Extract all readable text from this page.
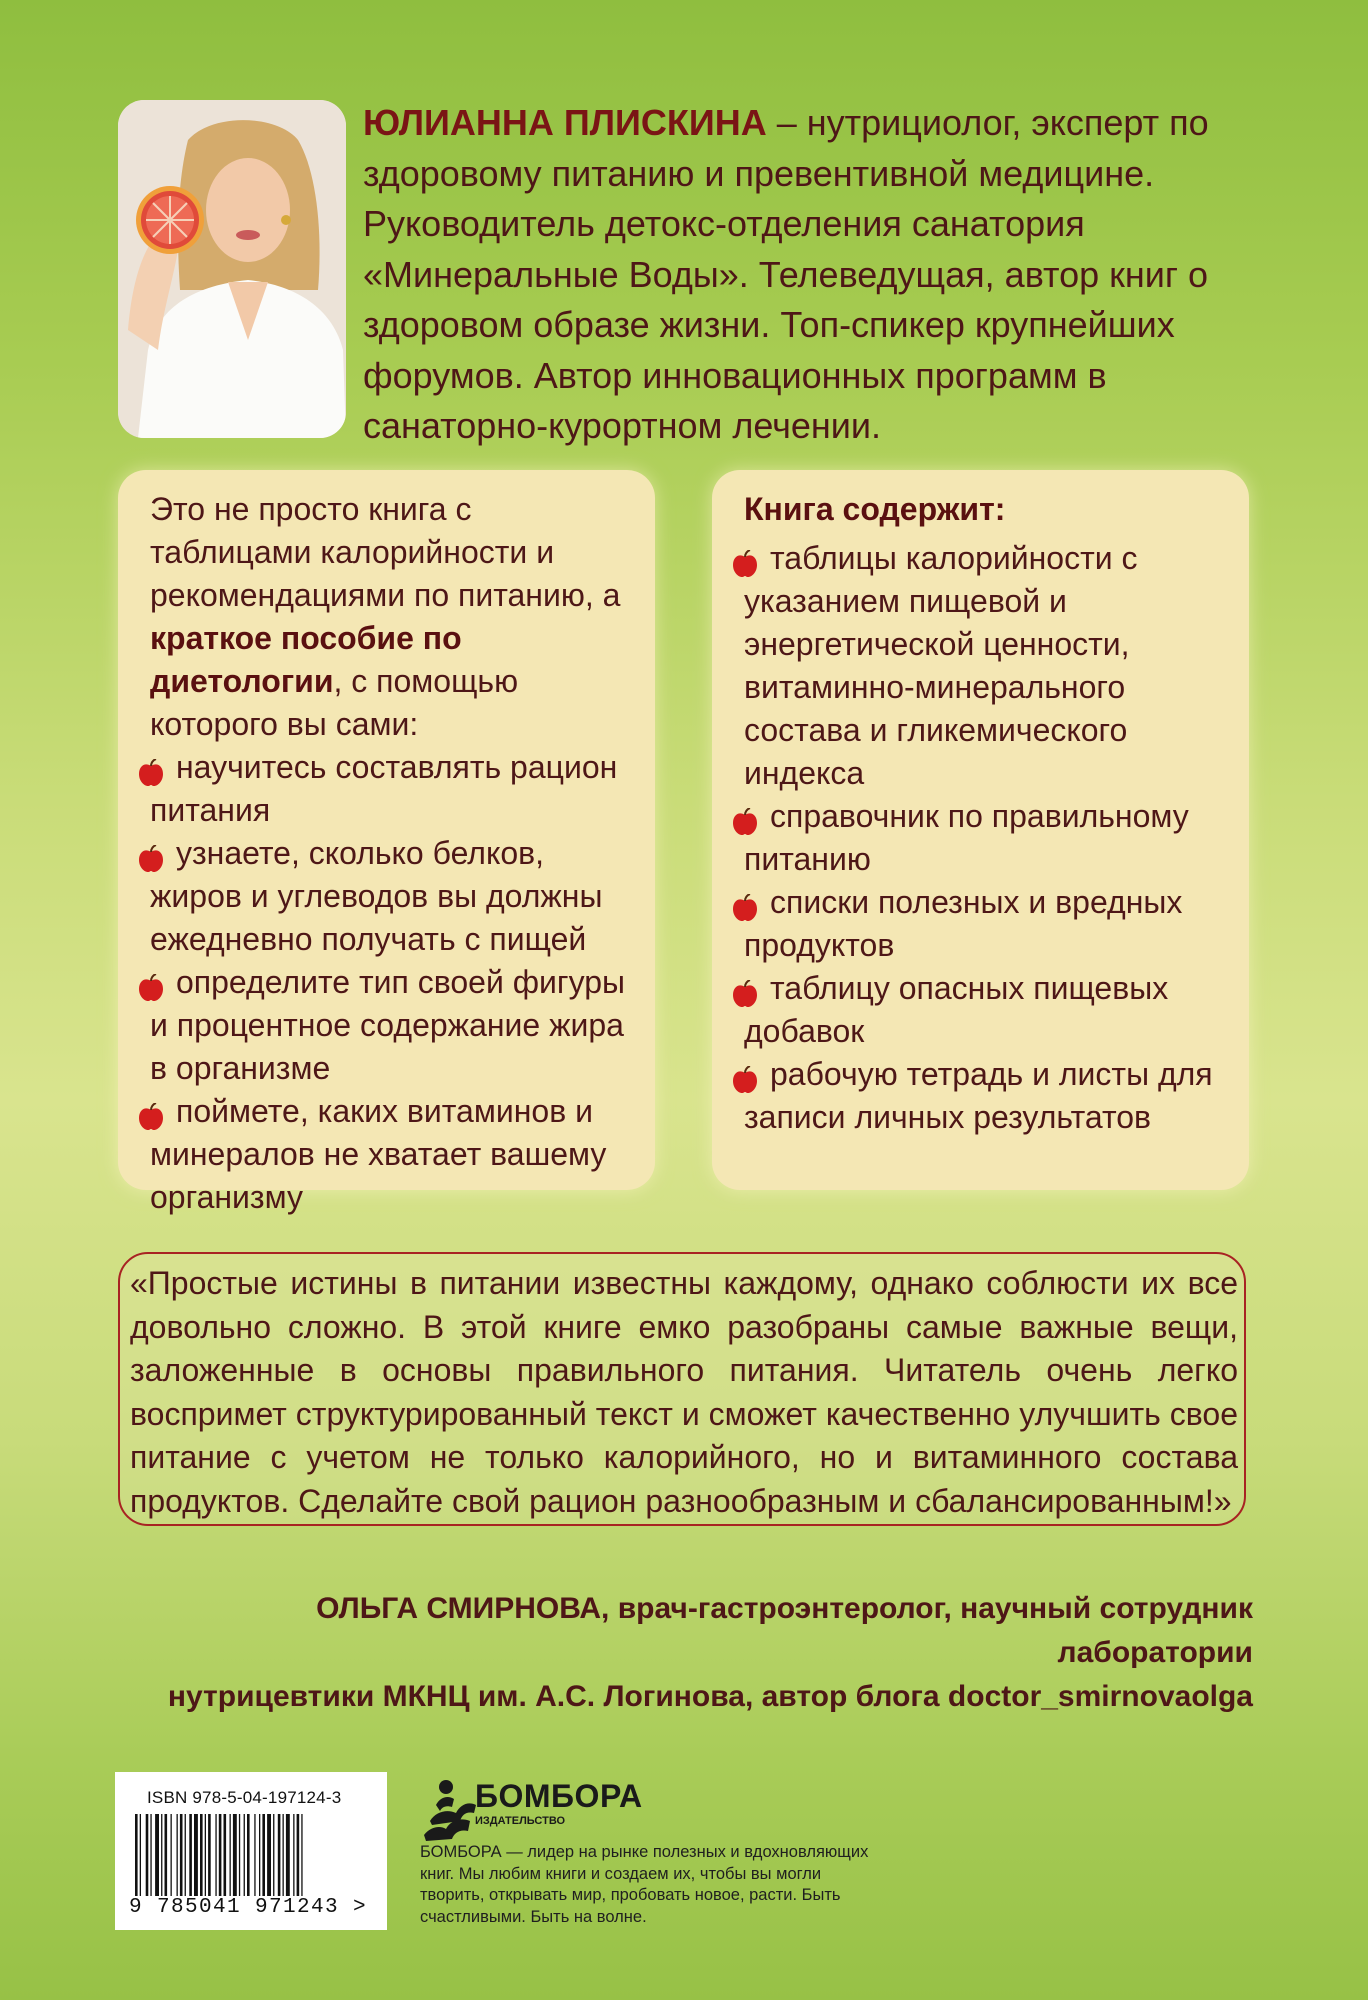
ЮЛИАННА ПЛИСКИНА – нутрициолог, эксперт по здоровому питанию и превентивной медицине. Руководитель детокс-отделения санатория «Минеральные Воды». Телеведущая, автор книг о здоровом образе жизни. Топ-спикер крупнейших форумов. Автор инновационных программ в санаторно-курортном лечении.
Это не просто книга с таблицами калорийности и рекомендациями по питанию, а краткое пособие по диетологии, с помощью которого вы сами:
научитесь составлять рацион питания
узнаете, сколько белков, жиров и углеводов вы должны ежедневно получать с пищей
определите тип своей фигуры и процентное содержание жира в организме
поймете, каких витаминов и минералов не хватает вашему организму
Книга содержит:
таблицы калорийности с указанием пищевой и энергетической ценности, витаминно-минерального состава и гликемического индекса
справочник по правильному питанию
списки полезных и вредных продуктов
таблицу опасных пищевых добавок
рабочую тетрадь и листы для записи личных результатов
«Простые истины в питании известны каждому, однако соблюсти их все довольно сложно. В этой книге емко разобраны самые важные вещи, заложенные в основы правильного питания. Читатель очень легко воспримет структурированный текст и сможет качественно улучшить свое питание с учетом не только калорийного, но и витаминного состава продуктов. Сделайте свой рацион разнообразным и сбалансированным!»
ОЛЬГА СМИРНОВА, врач-гастроэнтеролог, научный сотрудник лаборатории
нутрицевтики МКНЦ им. А.С. Логинова, автор блога doctor_smirnovaolga
ISBN 978-5-04-197124-3
9 785041 971243 >
БОМБОРА
ИЗДАТЕЛЬСТВО
БОМБОРА — лидер на рынке полезных и вдохновляющих книг. Мы любим книги и создаем их, чтобы вы могли творить, открывать мир, пробовать новое, расти. Быть счастливыми. Быть на волне.
